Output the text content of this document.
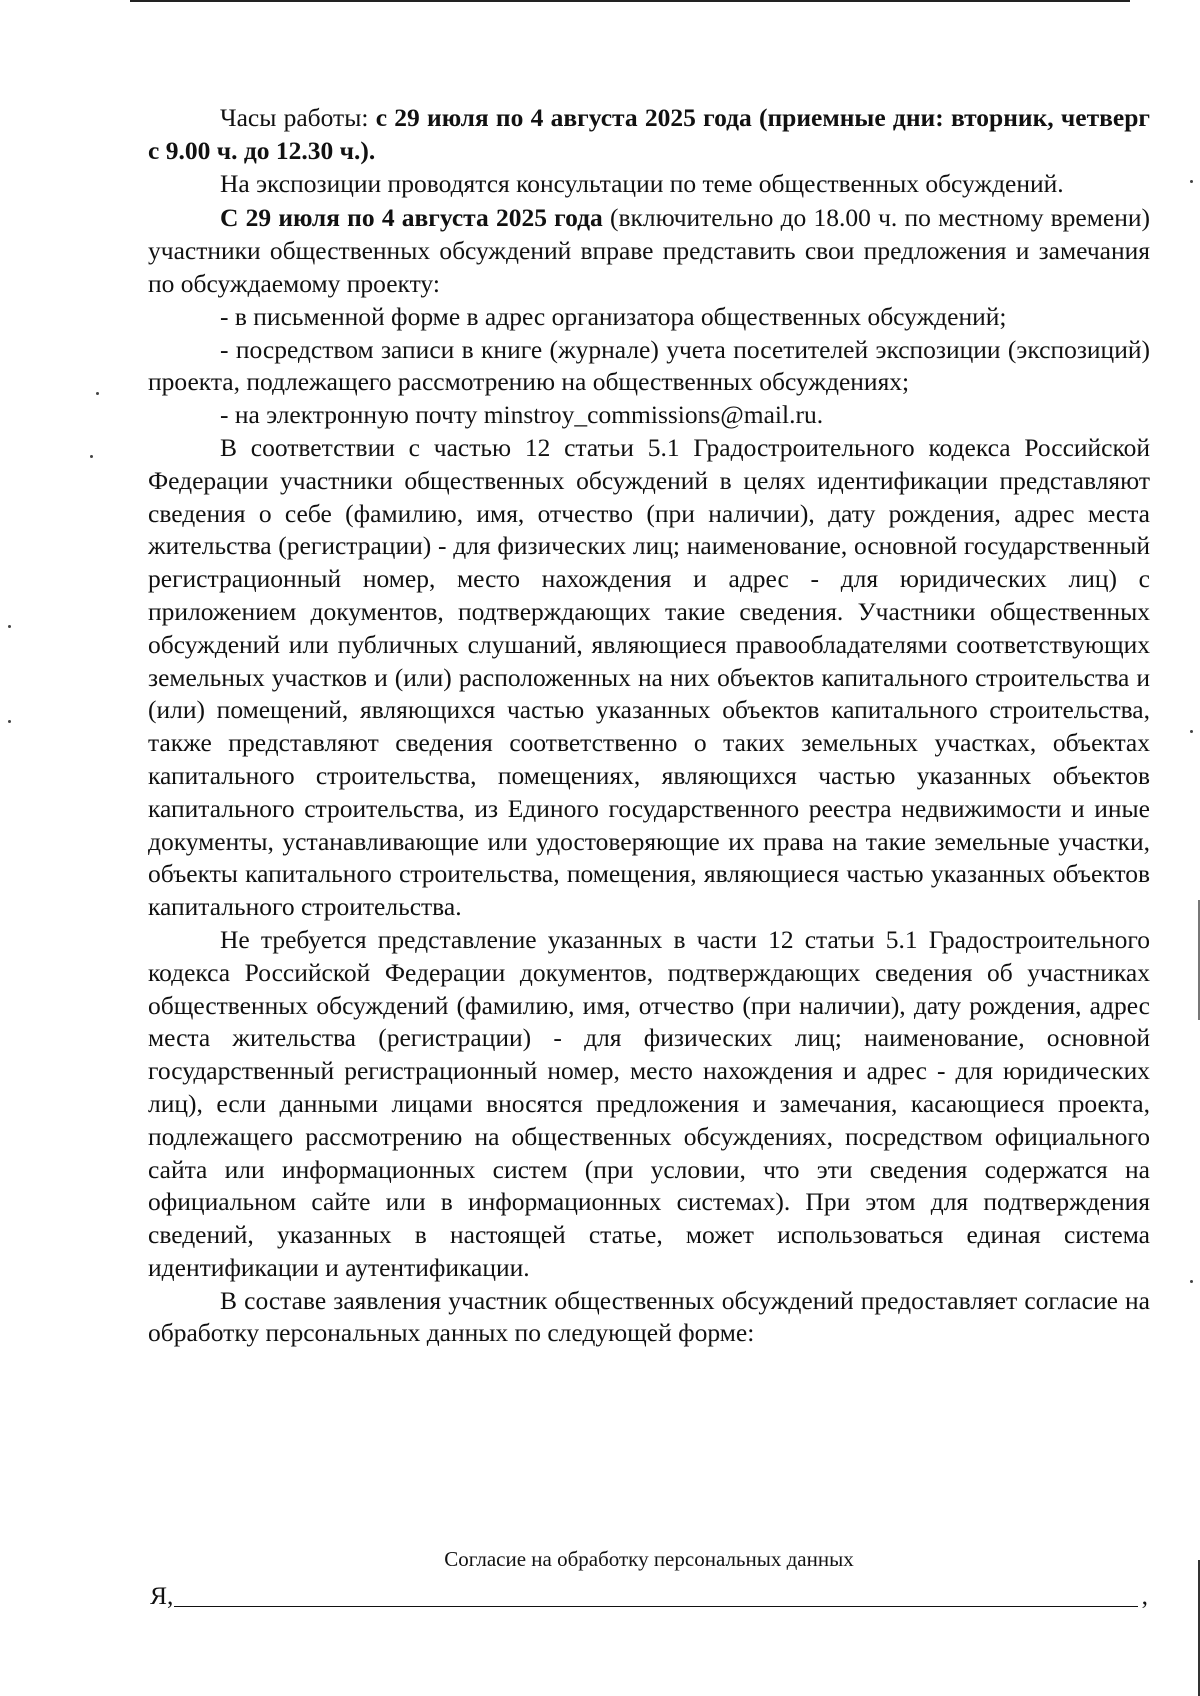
Часы работы: с 29 июля по 4 августа 2025 года (приемные дни: вторник, четверг с 9.00 ч. до 12.30 ч.).

На экспозиции проводятся консультации по теме общественных обсуждений.

С 29 июля по 4 августа 2025 года (включительно до 18.00 ч. по местному времени) участники общественных обсуждений вправе представить свои предложения и замечания по обсуждаемому проекту:

- в письменной форме в адрес организатора общественных обсуждений;

- посредством записи в книге (журнале) учета посетителей экспозиции (экспозиций) проекта, подлежащего рассмотрению на общественных обсуждениях;

- на электронную почту minstroy_commissions@mail.ru.

В соответствии с частью 12 статьи 5.1 Градостроительного кодекса Российской Федерации участники общественных обсуждений в целях идентификации представляют сведения о себе (фамилию, имя, отчество (при наличии), дату рождения, адрес места жительства (регистрации) - для физических лиц; наименование, основной государственный регистрационный номер, место нахождения и адрес - для юридических лиц) с приложением документов, подтверждающих такие сведения. Участники общественных обсуждений или публичных слушаний, являющиеся правообладателями соответствующих земельных участков и (или) расположенных на них объектов капитального строительства и (или) помещений, являющихся частью указанных объектов капитального строительства, также представляют сведения соответственно о таких земельных участках, объектах капитального строительства, помещениях, являющихся частью указанных объектов капитального строительства, из Единого государственного реестра недвижимости и иные документы, устанавливающие или удостоверяющие их права на такие земельные участки, объекты капитального строительства, помещения, являющиеся частью указанных объектов капитального строительства.

Не требуется представление указанных в части 12 статьи 5.1 Градостроительного кодекса Российской Федерации документов, подтверждающих сведения об участниках общественных обсуждений (фамилию, имя, отчество (при наличии), дату рождения, адрес места жительства (регистрации) - для физических лиц; наименование, основной государственный регистрационный номер, место нахождения и адрес - для юридических лиц), если данными лицами вносятся предложения и замечания, касающиеся проекта, подлежащего рассмотрению на общественных обсуждениях, посредством официального сайта или информационных систем (при условии, что эти сведения содержатся на официальном сайте или в информационных системах). При этом для подтверждения сведений, указанных в настоящей статье, может использоваться единая система идентификации и аутентификации.

В составе заявления участник общественных обсуждений предоставляет согласие на обработку персональных данных по следующей форме:

Согласие на обработку персональных данных
Я,	,
